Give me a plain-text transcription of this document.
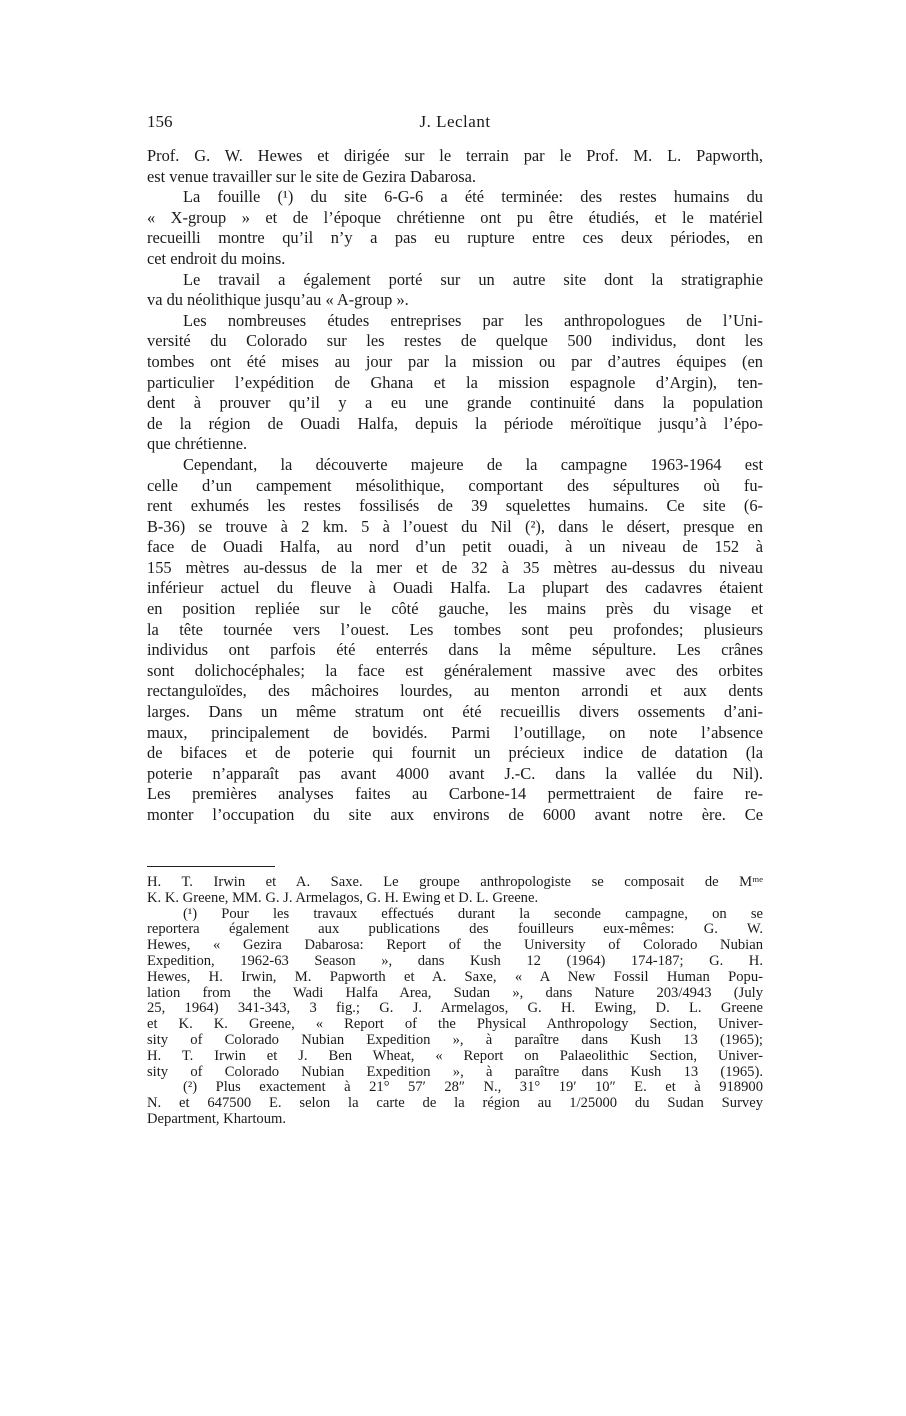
156	J. Leclant
Prof. G. W. Hewes et dirigée sur le terrain par le Prof. M. L. Papworth,
est venue travailler sur le site de Gezira Dabarosa.
La fouille (¹) du site 6-G-6 a été terminée: des restes humains du
« X-group » et de l’époque chrétienne ont pu être étudiés, et le matériel
recueilli montre qu’il n’y a pas eu rupture entre ces deux périodes, en
cet endroit du moins.
Le travail a également porté sur un autre site dont la stratigraphie
va du néolithique jusqu’au « A-group ».
Les nombreuses études entreprises par les anthropologues de l’Uni-
versité du Colorado sur les restes de quelque 500 individus, dont les
tombes ont été mises au jour par la mission ou par d’autres équipes (en
particulier l’expédition de Ghana et la mission espagnole d’Argin), ten-
dent à prouver qu’il y a eu une grande continuité dans la population
de la région de Ouadi Halfa, depuis la période méroïtique jusqu’à l’épo-
que chrétienne.
Cependant, la découverte majeure de la campagne 1963-1964 est
celle d’un campement mésolithique, comportant des sépultures où fu-
rent exhumés les restes fossilisés de 39 squelettes humains. Ce site (6-
B-36) se trouve à 2 km. 5 à l’ouest du Nil (²), dans le désert, presque en
face de Ouadi Halfa, au nord d’un petit ouadi, à un niveau de 152 à
155 mètres au-dessus de la mer et de 32 à 35 mètres au-dessus du niveau
inférieur actuel du fleuve à Ouadi Halfa. La plupart des cadavres étaient
en position repliée sur le côté gauche, les mains près du visage et
la tête tournée vers l’ouest. Les tombes sont peu profondes; plusieurs
individus ont parfois été enterrés dans la même sépulture. Les crânes
sont dolichocéphales; la face est généralement massive avec des orbites
rectanguloïdes, des mâchoires lourdes, au menton arrondi et aux dents
larges. Dans un même stratum ont été recueillis divers ossements d’ani-
maux, principalement de bovidés. Parmi l’outillage, on note l’absence
de bifaces et de poterie qui fournit un précieux indice de datation (la
poterie n’apparaît pas avant 4000 avant J.-C. dans la vallée du Nil).
Les premières analyses faites au Carbone-14 permettraient de faire re-
monter l’occupation du site aux environs de 6000 avant notre ère. Ce
H. T. Irwin et A. Saxe. Le groupe anthropologiste se composait de Mᵐᵉ
K. K. Greene, MM. G. J. Armelagos, G. H. Ewing et D. L. Greene.
(¹) Pour les travaux effectués durant la seconde campagne, on se
reportera également aux publications des fouilleurs eux-mêmes: G. W.
Hewes, « Gezira Dabarosa: Report of the University of Colorado Nubian
Expedition, 1962-63 Season », dans Kush 12 (1964) 174-187; G. H.
Hewes, H. Irwin, M. Papworth et A. Saxe, « A New Fossil Human Popu-
lation from the Wadi Halfa Area, Sudan », dans Nature 203/4943 (July
25, 1964) 341-343, 3 fig.; G. J. Armelagos, G. H. Ewing, D. L. Greene
et K. K. Greene, « Report of the Physical Anthropology Section, Univer-
sity of Colorado Nubian Expedition », à paraître dans Kush 13 (1965);
H. T. Irwin et J. Ben Wheat, « Report on Palaeolithic Section, Univer-
sity of Colorado Nubian Expedition », à paraître dans Kush 13 (1965).
(²) Plus exactement à 21° 57′ 28″ N., 31° 19′ 10″ E. et à 918900
N. et 647500 E. selon la carte de la région au 1/25000 du Sudan Survey
Department, Khartoum.
